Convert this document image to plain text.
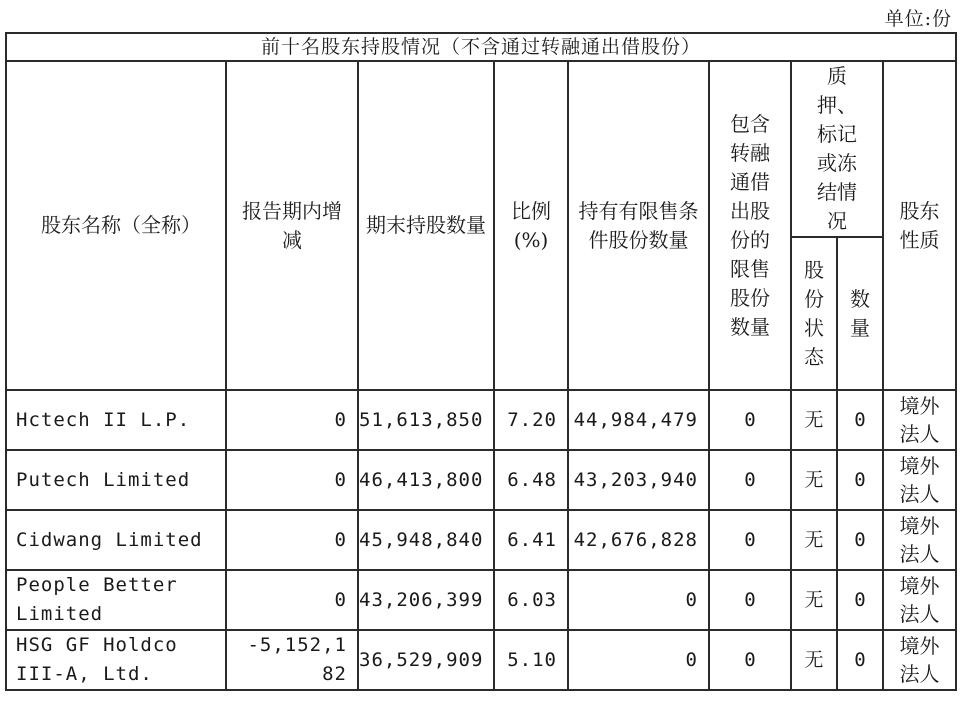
单位:份
前十名股东持股情况（不含通过转融通出借股份）								

股东名称（全称）	报告期内增减	期末持股数量	比例(%)	持有有限售条件股份数量	包含转融通借出股份的限售股份数量	质押、标记或冻结情况		股东性质

						股份状态	数量	

Hctech II L.P.	0	51,613,850	7.20	44,984,479	0	无	0	境外法人

Putech Limited	0	46,413,800	6.48	43,203,940	0	无	0	境外法人

Cidwang Limited	0	45,948,840	6.41	42,676,828	0	无	0	境外法人

People Better Limited	0	43,206,399	6.03	0	0	无	0	境外法人

HSG GF Holdco III-A, Ltd.	-5,152,182	36,529,909	5.10	0	0	无	0	境外法人
